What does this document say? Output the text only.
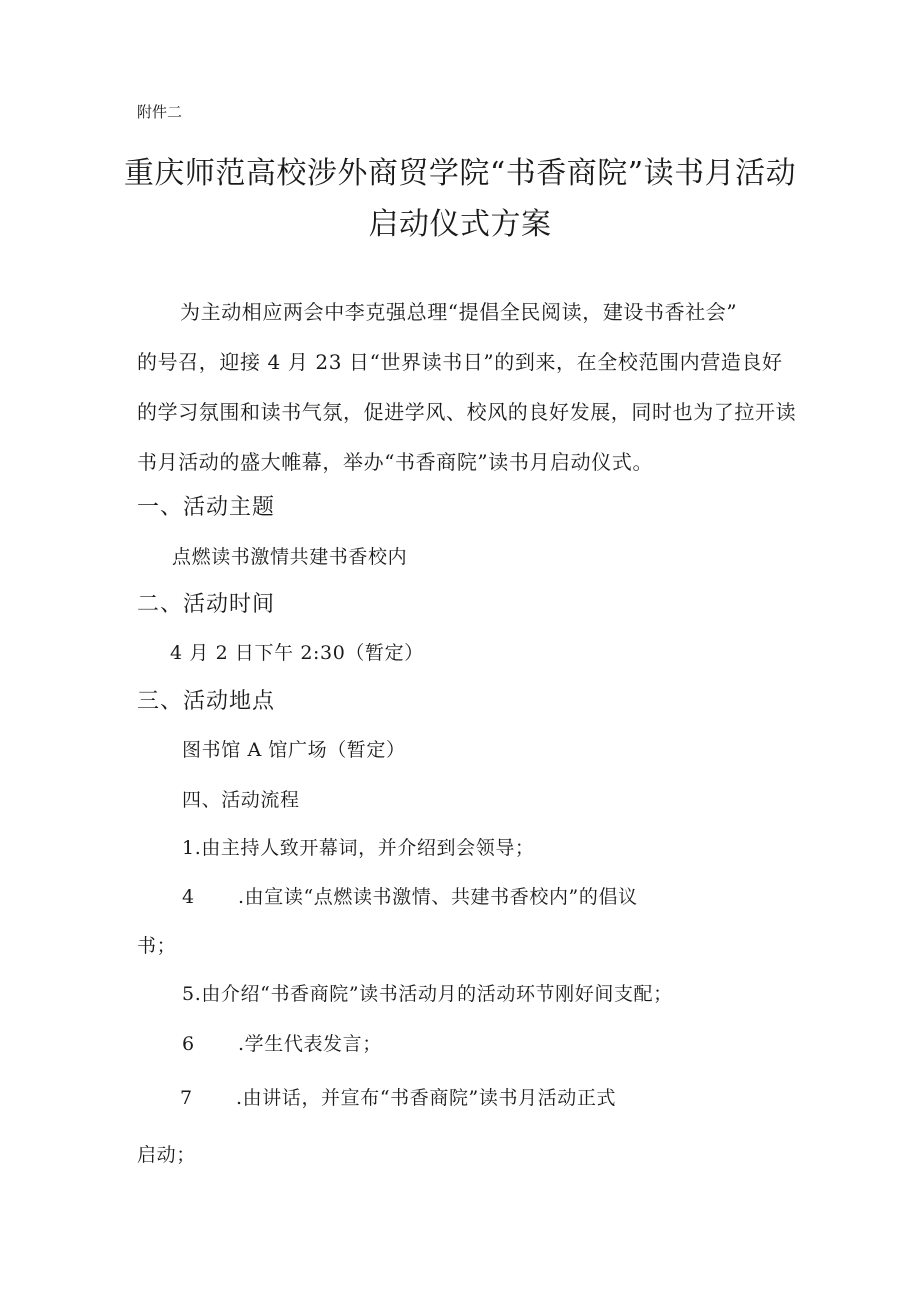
附件二
重庆师范高校涉外商贸学院“书香商院”读书月活动
启动仪式方案
为主动相应两会中李克强总理“提倡全民阅读，建设书香社会”
的号召，迎接 4 月 23 日“世界读书日”的到来，在全校范围内营造良好
的学习氛围和读书气氛，促进学风、校风的良好发展，同时也为了拉开读
书月活动的盛大帷幕，举办“书香商院”读书月启动仪式。
一、活动主题
点燃读书激情共建书香校内
二、活动时间
4 月 2 日下午 2:30（暂定）
三、活动地点
图书馆 A 馆广场（暂定）
四、活动流程
1.由主持人致开幕词，并介绍到会领导；
4 .由宣读“点燃读书激情、共建书香校内”的倡议
书；
5.由介绍“书香商院”读书活动月的活动环节刚好间支配；
6 .学生代表发言；
7 .由讲话，并宣布“书香商院”读书月活动正式
启动；
